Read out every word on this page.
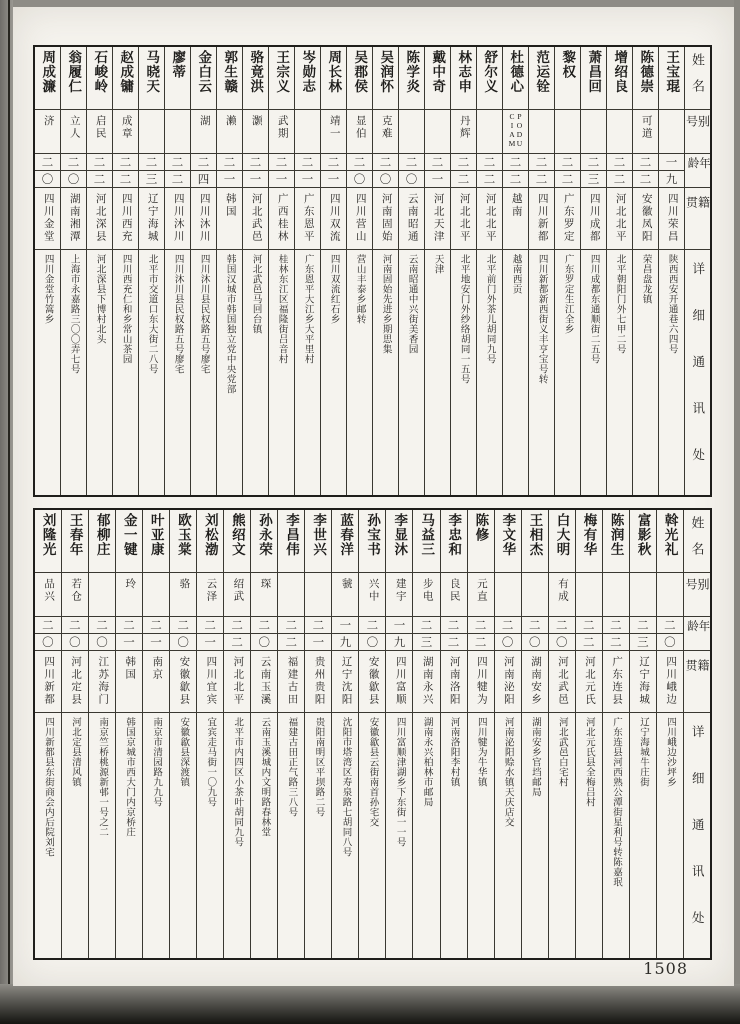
姓名
别号
年龄
籍贯
详细通讯处
王宝琨
一
九
四川荣昌
陕西西安开通巷六四号
陈德崇
可道
二
二
安徽凤阳
荣昌盘龙镇
增绍良
二
二
河北北平
北平朝阳门外七甲二号
萧昌回
二
三
四川成都
四川成都东通顺街二五号
黎权
二
二
广东罗定
广东罗定生江全乡
范运铨
二
二
四川新都
四川新都新西街义丰亨宝号转
杜德心
PODU CIAM
二
二
越南
越南西贡
舒尔义
二
二
河北北平
北平前门外茶儿胡同九号
林志申
丹辉
二
二
河北北平
北平地安门外纱络胡同一五号
戴中奇
二
一
河北天津
天津
陈学炎
二
〇
云南昭通
云南昭通中兴街美香园
吴润怀
克难
二
〇
河南固始
河南固始先进乡期思集
吴郡侯
显伯
二
〇
四川营山
营山丰泰乡邮转
周长林
靖一
二
一
四川双流
四川双流红石乡
岑勋志
二
一
广东恩平
广东恩平大江乡大平里村
王宗义
武期
二
一
广西桂林
桂林东江区福隆街吕音村
骆竟洪
灏
二
一
河北武邑
河北武邑马回台镇
郭生赣
濑
二
一
韩国
韩国汉城市韩国独立党中央党部
金白云
湖
二
四
四川沐川
四川沐川县民权路五号廖宅
廖蒂
二
二
四川沐川
四川沐川县民权路五号廖宅
马晓天
二
三
辽宁海城
北平市交道口东大街二八号
赵成镛
成章
二
二
四川西充
四川西充仁和乡常山茶园
石峻岭
启民
二
二
河北深县
河北深县下博村北头
翁履仁
立人
二
〇
湖南湘潭
上海市永嘉路三〇〇弄七号
周成濂
济
二
〇
四川金堂
四川金堂竹篙乡
姓名
别号
年龄
籍贯
详细通讯处
斡光礼
二
〇
四川峨边
四川峨边沙坪乡
富影秋
二
三
辽宁海城
辽宁海城牛庄街
陈润生
二
二
广东连县
广东连县河西熟公潭街星利号转陈嘉珉
梅有华
二
二
河北元氏
河北元氏县全梅吕村
白大明
有成
二
〇
河北武邑
河北武邑白宅村
王相杰
二
〇
湖南安乡
湖南安乡官垱邮局
李文华
二
〇
河南泌阳
河南泌阳赊水镇天庆店交
陈修
元直
二
二
四川犍为
四川犍为牛华镇
李忠和
良民
二
二
河南洛阳
河南洛阳李村镇
马益三
步电
二
三
湖南永兴
湖南永兴柏林市邮局
李显沐
建宇
一
九
四川富顺
四川富顺津湖乡下东街一一号
孙宝书
兴中
二
〇
安徽歙县
安徽歙县云街南首孙宅交
蓝春洋
虢
一
九
辽宁沈阳
沈阳市塔湾区寿泉路七胡同八号
李世兴
二
一
贵州贵阳
贵阳南明区平坝路二号
李昌伟
二
二
福建古田
福建古田正气路三八号
孙永荣
琛
二
〇
云南玉溪
云南玉溪城内文明路春林堂
熊绍文
绍武
二
二
河北北平
北平市内四区小茶叶胡同九号
刘松渤
云泽
二
一
四川宜宾
宜宾走马街一〇九号
欧玉棠
骆
二
〇
安徽歙县
安徽歙县深渡镇
叶亚康
二
一
南京
南京市清园路九九号
金一键
玲
二
一
韩国
韩国京城市西大门内京桥庄
郁柳庄
二
〇
江苏海门
南京竺桥桃源新邨一号之二
王春年
若仓
二
〇
河北定县
河北定县清风镇
刘隆光
品兴
二
〇
四川新都
四川新都县东街商会内后院刘宅
1508
